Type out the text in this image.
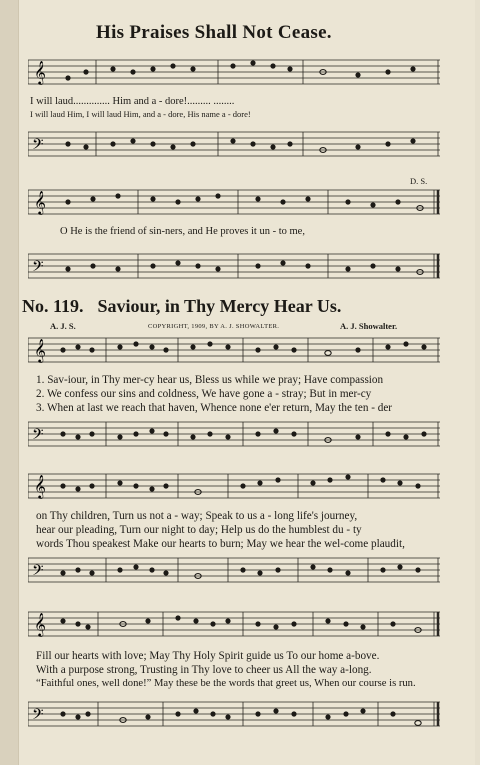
His Praises Shall Not Cease.
𝄞
I will laud.............. Him and a - dore!......... ........
I will laud Him, I will laud Him, and a - dore, His name a - dore!
𝄢
D. S.
𝄞
O He is the friend of sin-ners, and He proves it un - to me,
𝄢
No. 119. Saviour, in Thy Mercy Hear Us.
A. J. S.	COPYRIGHT, 1909, BY A. J. SHOWALTER.	A. J. Showalter.
𝄞
1. Sav-iour, in Thy mer-cy hear us, Bless us while we pray; Have compassion
2. We confess our sins and coldness, We have gone a - stray; But in mer-cy
3. When at last we reach that haven, Whence none e'er return, May the ten - der
𝄢
𝄞
on Thy children, Turn us not a - way; Speak to us a - long life's journey,
hear our pleading, Turn our night to day; Help us do the humblest du - ty
words Thou speakest Make our hearts to burn; May we hear the wel-come plaudit,
𝄢
𝄞
Fill our hearts with love; May Thy Holy Spirit guide us To our home a-bove.
With a purpose strong, Trusting in Thy love to cheer us All the way a-long.
“Faithful ones, well done!” May these be the words that greet us, When our course is run.
𝄢
